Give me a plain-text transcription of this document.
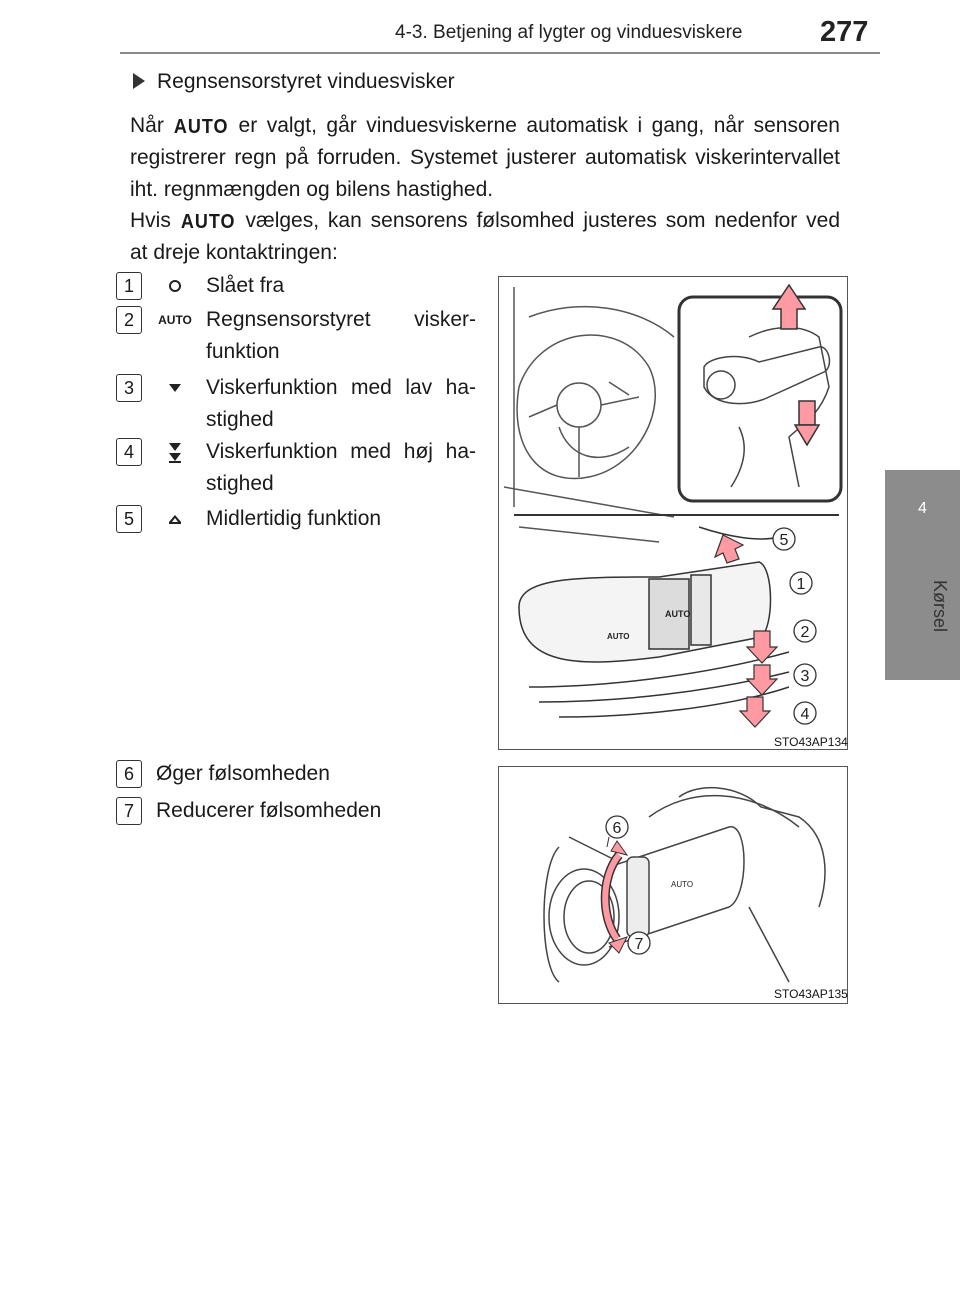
4-3. Betjening af lygter og vinduesviskere	277
4
Kørsel
Regnsensorstyret vinduesvisker
Når AUTO er valgt, går vinduesviskerne automatisk i gang, når sensoren registrerer regn på forruden. Systemet justerer automatisk viskerintervallet iht. regnmængden og bilens hastighed.
Hvis AUTO vælges, kan sensorens følsomhed justeres som nedenfor ved at dreje kontaktringen:
1	Slået fra
2	AUTO Regnsensorstyret viskerfunktion
3	Viskerfunktion med lav hastighed
4	Viskerfunktion med høj hastighed
5	Midlertidig funktion
6	Øger følsomheden
7	Reducerer følsomheden
AUTO
AUTO
5
1
2
3
4
STO43AP134
AUTO
6
7
STO43AP135
